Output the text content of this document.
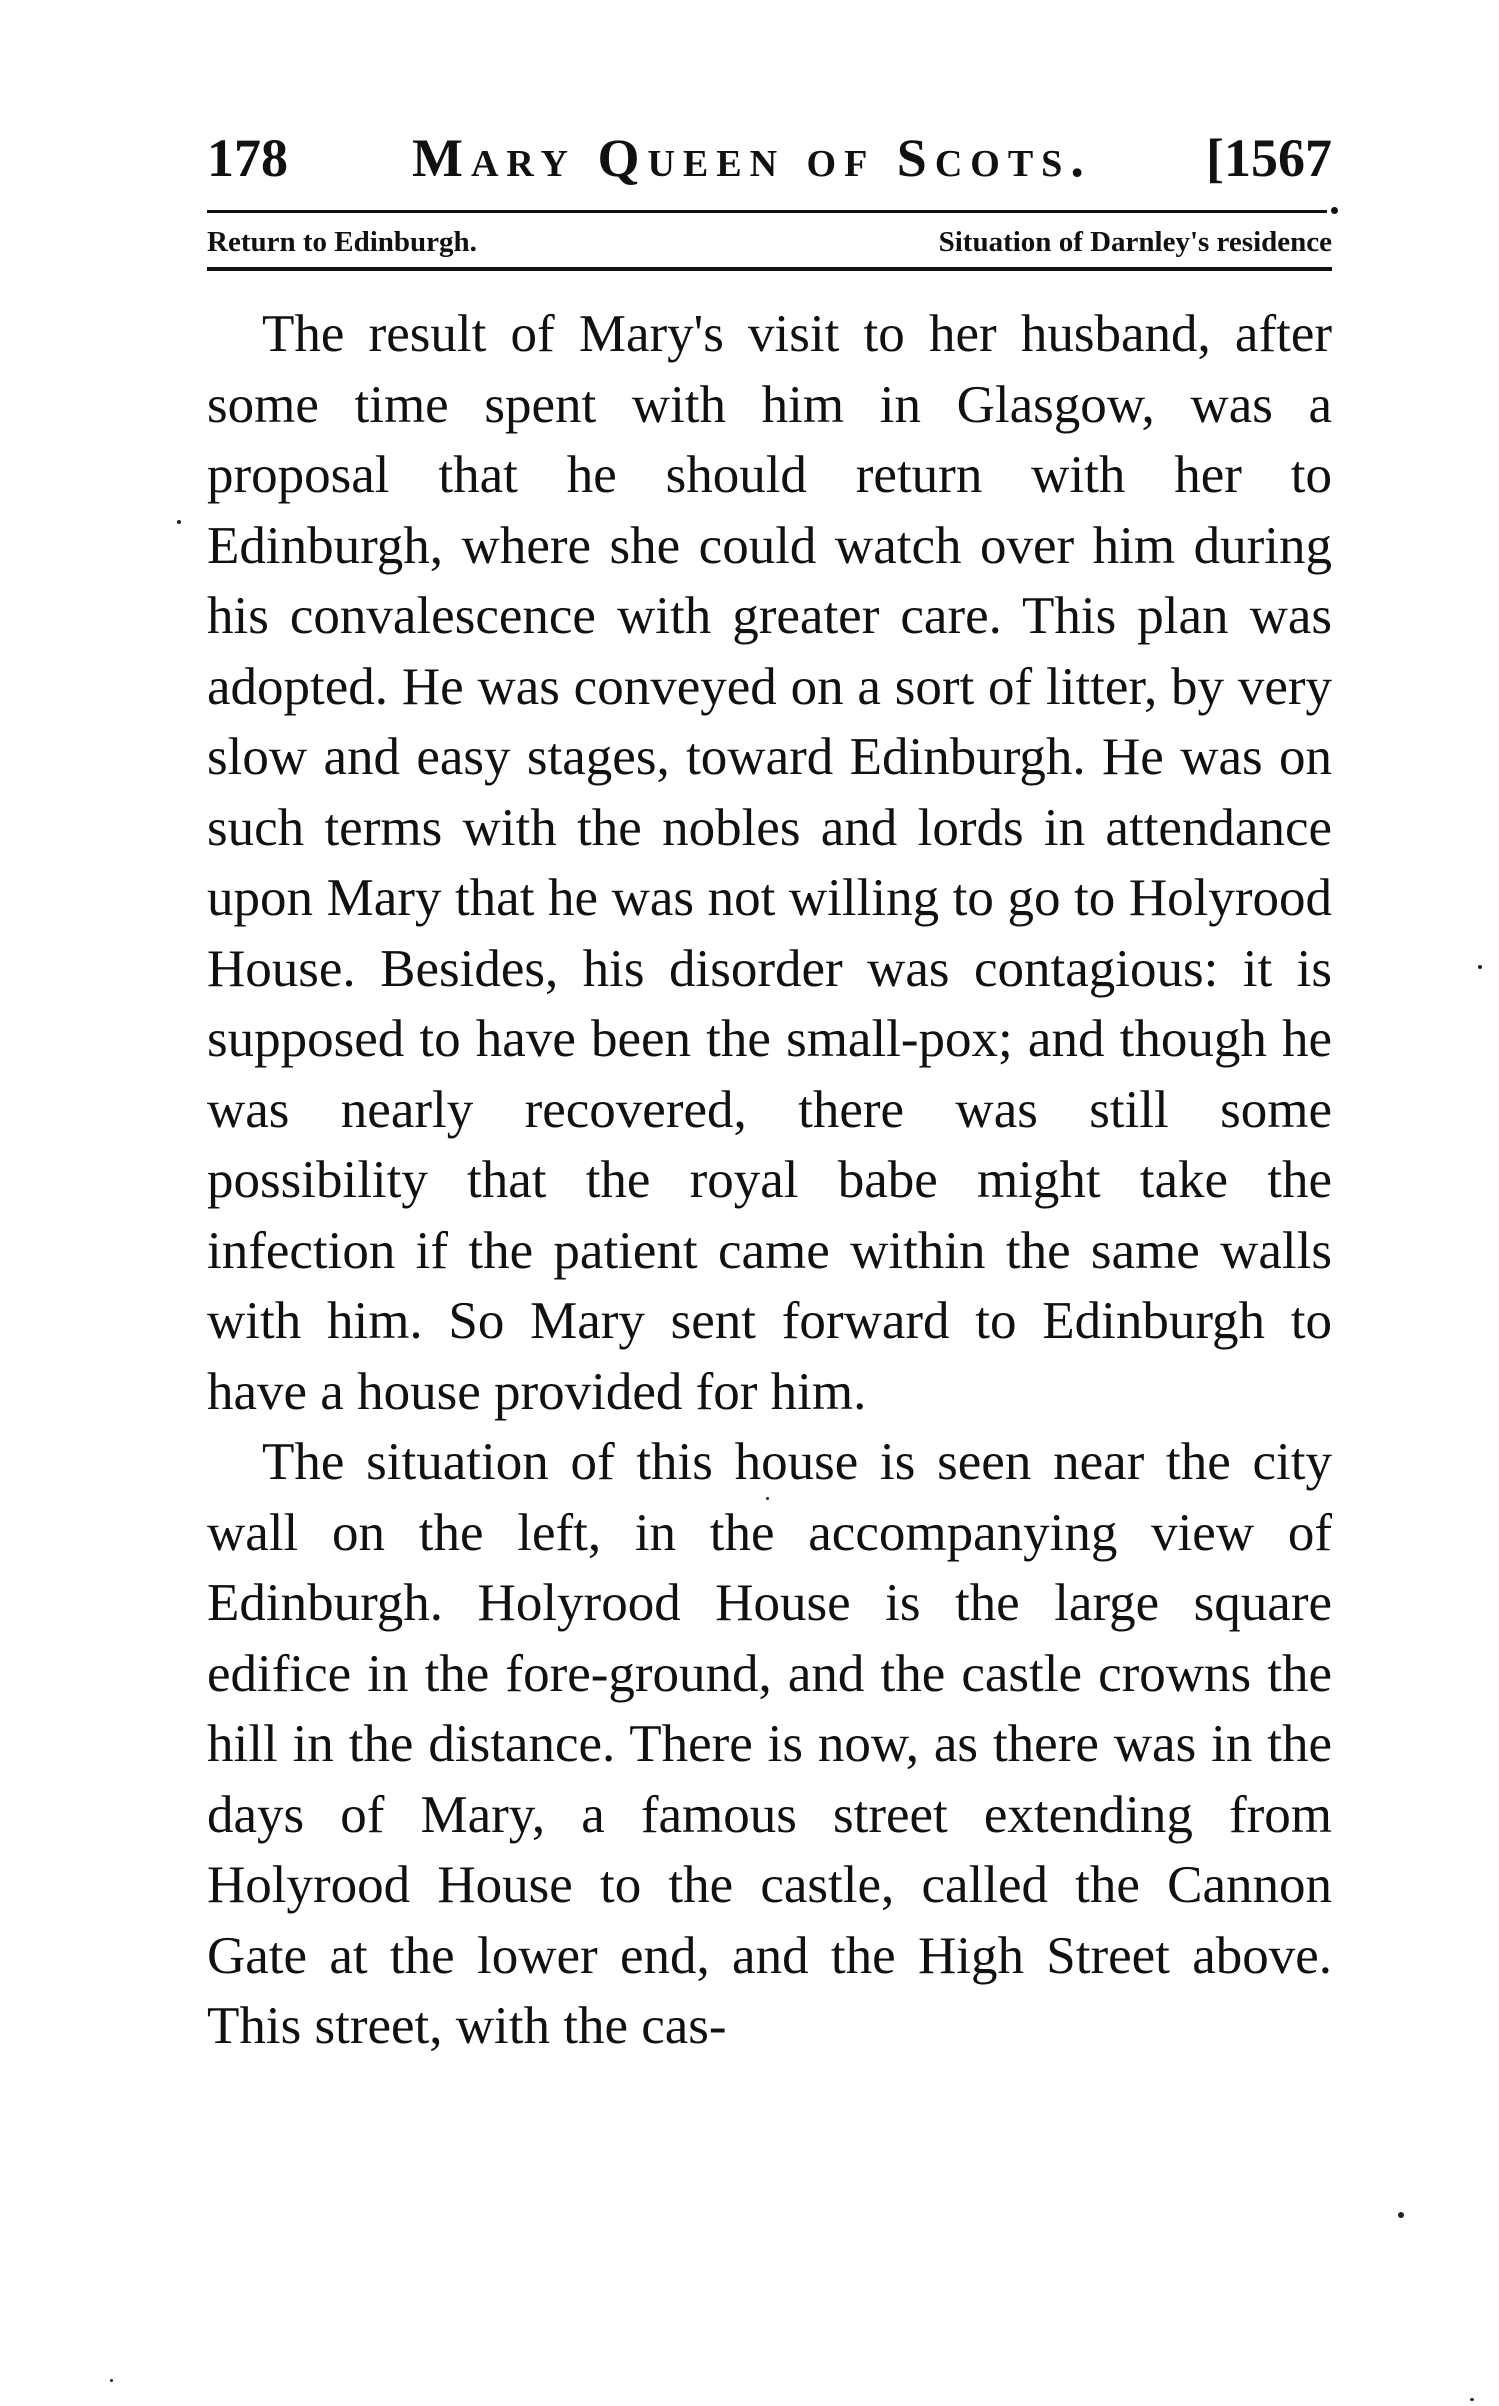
178 Mary Queen of Scots. [1567
Return to Edinburgh.	Situation of Darnley's residence

The result of Mary's visit to her husband, after some time spent with him in Glasgow, was a proposal that he should return with her to Edinburgh, where she could watch over him during his convalescence with greater care. This plan was adopted. He was conveyed on a sort of litter, by very slow and easy stages, toward Edinburgh. He was on such terms with the nobles and lords in attendance upon Mary that he was not willing to go to Holyrood House. Besides, his disorder was contagious: it is supposed to have been the small-pox; and though he was nearly recovered, there was still some possibility that the royal babe might take the infection if the patient came within the same walls with him. So Mary sent forward to Edinburgh to have a house provided for him.

The situation of this house is seen near the city wall on the left, in the accompanying view of Edinburgh. Holyrood House is the large square edifice in the fore-ground, and the castle crowns the hill in the distance. There is now, as there was in the days of Mary, a famous street extending from Holyrood House to the castle, called the Cannon Gate at the lower end, and the High Street above. This street, with the cas-
